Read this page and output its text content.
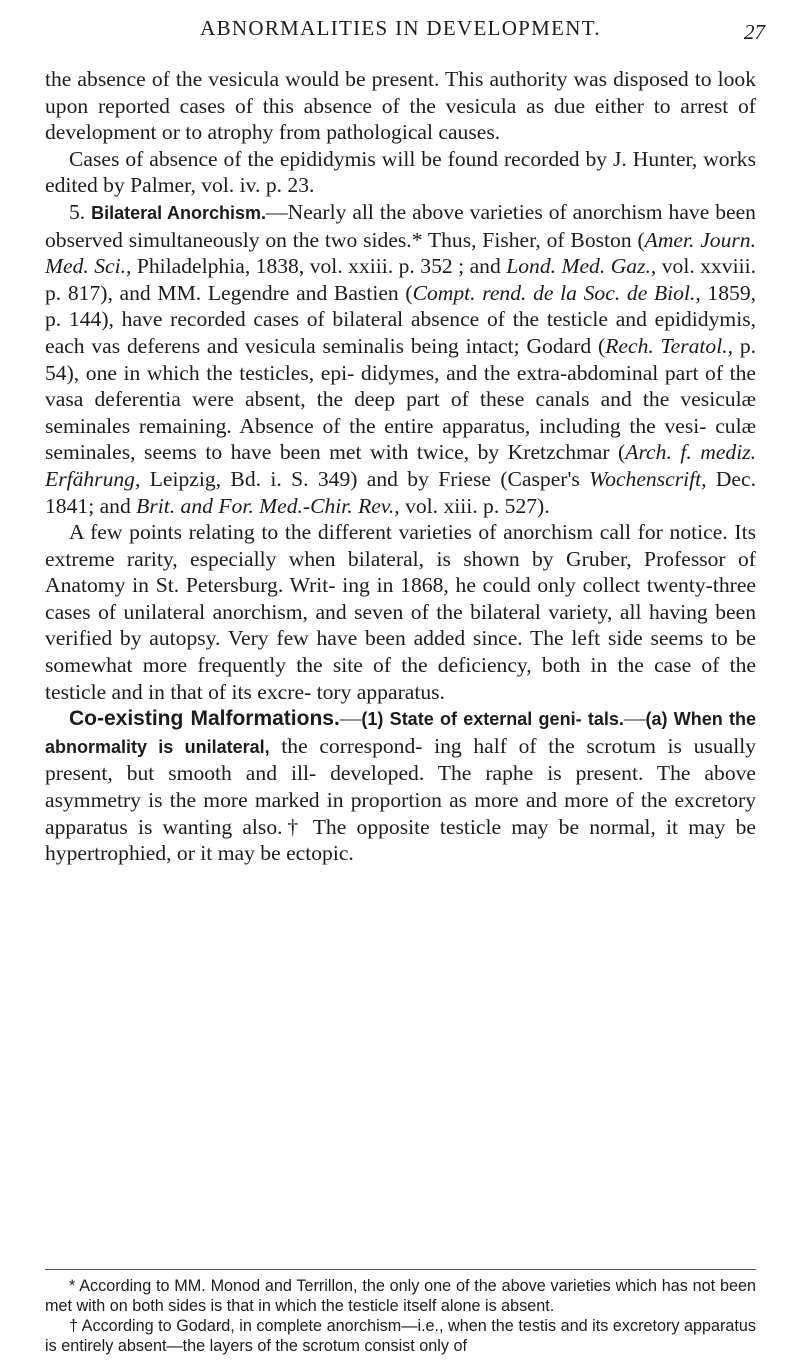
ABNORMALITIES IN DEVELOPMENT.	27

the absence of the vesicula would be present. This authority was disposed to look upon reported cases of this absence of the vesicula as due either to arrest of development or to atrophy from pathological causes.

Cases of absence of the epididymis will be found recorded by J. Hunter, works edited by Palmer, vol. iv. p. 23.

5. Bilateral Anorchism.—Nearly all the above varieties of anorchism have been observed simultaneously on the two sides.* Thus, Fisher, of Boston (Amer. Journ. Med. Sci., Philadelphia, 1838, vol. xxiii. p. 352 ; and Lond. Med. Gaz., vol. xxviii. p. 817), and MM. Legendre and Bastien (Compt. rend. de la Soc. de Biol., 1859, p. 144), have recorded cases of bilateral absence of the testicle and epididymis, each vas deferens and vesicula seminalis being intact; Godard (Rech. Teratol., p. 54), one in which the testicles, epi- didymes, and the extra-abdominal part of the vasa deferentia were absent, the deep part of these canals and the vesiculæ seminales remaining. Absence of the entire apparatus, including the vesi- culæ seminales, seems to have been met with twice, by Kretzchmar (Arch. f. mediz. Erfährung, Leipzig, Bd. i. S. 349) and by Friese (Casper's Wochenscrift, Dec. 1841; and Brit. and For. Med.-Chir. Rev., vol. xiii. p. 527).

A few points relating to the different varieties of anorchism call for notice. Its extreme rarity, especially when bilateral, is shown by Gruber, Professor of Anatomy in St. Petersburg. Writ- ing in 1868, he could only collect twenty-three cases of unilateral anorchism, and seven of the bilateral variety, all having been verified by autopsy. Very few have been added since. The left side seems to be somewhat more frequently the site of the deficiency, both in the case of the testicle and in that of its excre- tory apparatus.

Co-existing Malformations.—(1) State of external geni- tals.—(a) When the abnormality is unilateral, the correspond- ing half of the scrotum is usually present, but smooth and ill- developed. The raphe is present. The above asymmetry is the more marked in proportion as more and more of the excretory apparatus is wanting also.† The opposite testicle may be normal, it may be hypertrophied, or it may be ectopic.

* According to MM. Monod and Terrillon, the only one of the above varieties which has not been met with on both sides is that in which the testicle itself alone is absent.

† According to Godard, in complete anorchism—i.e., when the testis and its excretory apparatus is entirely absent—the layers of the scrotum consist only of
